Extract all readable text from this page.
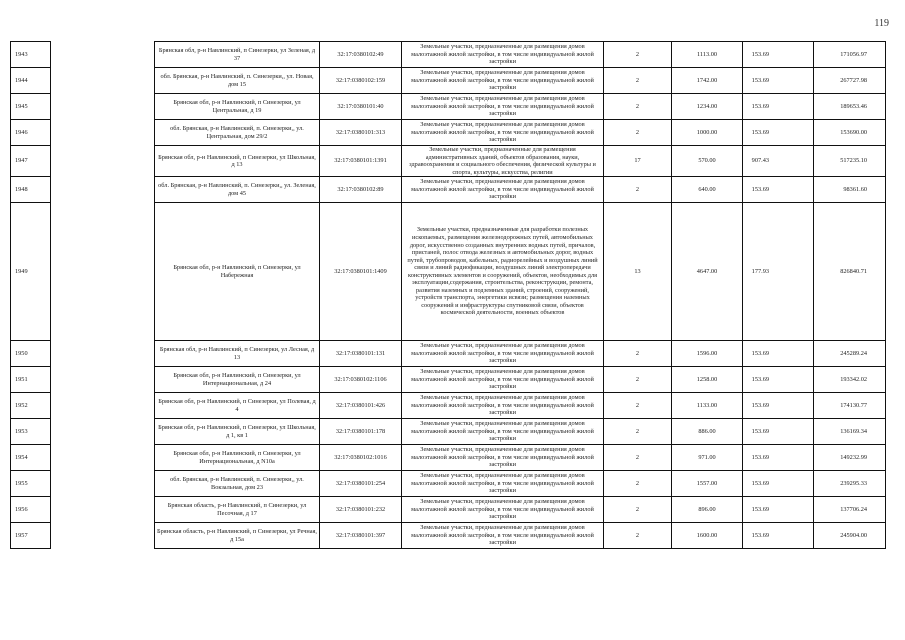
119
1943		Брянская обл, р-н Навлинский, п Синезерки, ул Зеленая, д 37	32:17:0380102:49	Земельные участки, предназначенные для размещения домов малоэтажной жилой застройки, в том числе индивидуальной жилой застройки	2	1113.00	153.69	171056.97
1944		обл. Брянская, р-н Навлинский, п. Синезерки,, ул. Новая, дом 15	32:17:0380102:159	Земельные участки, предназначенные для размещения домов малоэтажной жилой застройки, в том числе индивидуальной жилой застройки	2	1742.00	153.69	267727.98
1945		Брянская обл, р-н Навлинский, п Синезерки, ул Центральная, д 19	32:17:0380101:40	Земельные участки, предназначенные для размещения домов малоэтажной жилой застройки, в том числе индивидуальной жилой застройки	2	1234.00	153.69	189653.46
1946		обл. Брянская, р-н Навлинский, п. Синезерки,, ул. Центральная, дом 29/2	32:17:0380101:313	Земельные участки, предназначенные для размещения домов малоэтажной жилой застройки, в том числе индивидуальной жилой застройки	2	1000.00	153.69	153690.00
1947		Брянская обл, р-н Навлинский, п Синезерки, ул Школьная, д 13	32:17:0380101:1391	Земельные участки, предназначенные для размещения административных зданий, объектов образования, науки, здравоохранения и социального обеспечения, физической культуры и спорта, культуры, искусства, религии	17	570.00	907.43	517235.10
1948		обл. Брянская, р-н Навлинский, п. Синезерки,, ул. Зеленая, дом 45	32:17:0380102:89	Земельные участки, предназначенные для размещения домов малоэтажной жилой застройки, в том числе индивидуальной жилой застройки	2	640.00	153.69	98361.60
1949		Брянская обл, р-н Навлинский, п Синезерки, ул Набережная	32:17:0380101:1409	Земельные участки, предназначенные для разработки полезных ископаемых, размещения железнодорожных путей, автомобильных дорог, искусственно созданных внутренних водных путей, причалов, пристаней, полос отвода железных и автомобильных дорог, водных путей, трубопроводов, кабельных, радиорелейных и воздушных линий связи и линий радиофикации, воздушных линий электропередачи конструктивных элементов и сооружений, объектов, необходимых для эксплуатации,содержания, строительства, реконструкции, ремонта, развития наземных и подземных зданий, строений, сооружений, устройств транспорта, энергетики исвязи; размещения наземных сооружений и инфраструктуры спутниковой связи, объектов космической деятельности, военных объектов	13	4647.00	177.93	826840.71
1950		Брянская обл, р-н Навлинский, п Синезерки, ул Лесная, д 13	32:17:0380101:131	Земельные участки, предназначенные для размещения домов малоэтажной жилой застройки, в том числе индивидуальной жилой застройки	2	1596.00	153.69	245289.24
1951		Брянская обл, р-н Навлинский, п Синезерки, ул Интернациональная, д 24	32:17:0380102:1106	Земельные участки, предназначенные для размещения домов малоэтажной жилой застройки, в том числе индивидуальной жилой застройки	2	1258.00	153.69	193342.02
1952		Брянская обл, р-н Навлинский, п Синезерки, ул Полевая, д 4	32:17:0380101:426	Земельные участки, предназначенные для размещения домов малоэтажной жилой застройки, в том числе индивидуальной жилой застройки	2	1133.00	153.69	174130.77
1953		Брянская обл, р-н Навлинский, п Синезерки, ул Школьная, д 1, кв 1	32:17:0380101:178	Земельные участки, предназначенные для размещения домов малоэтажной жилой застройки, в том числе индивидуальной жилой застройки	2	886.00	153.69	136169.34
1954		Брянская обл, р-н Навлинский, п Синезерки, ул Интернациональная, д N10а	32:17:0380102:1016	Земельные участки, предназначенные для размещения домов малоэтажной жилой застройки, в том числе индивидуальной жилой застройки	2	971.00	153.69	149232.99
1955		обл. Брянская, р-н Навлинский, п. Синезерки,, ул. Вокзальная, дом 23	32:17:0380101:254	Земельные участки, предназначенные для размещения домов малоэтажной жилой застройки, в том числе индивидуальной жилой застройки	2	1557.00	153.69	239295.33
1956		Брянская область, р-н Навлинский, п Синезерки, ул Песочная, д 17	32:17:0380101:232	Земельные участки, предназначенные для размещения домов малоэтажной жилой застройки, в том числе индивидуальной жилой застройки	2	896.00	153.69	137706.24
1957		Брянская область, р-н Навлинский, п Синезерки, ул Речная, д 15а	32:17:0380101:397	Земельные участки, предназначенные для размещения домов малоэтажной жилой застройки, в том числе индивидуальной жилой застройки	2	1600.00	153.69	245904.00
